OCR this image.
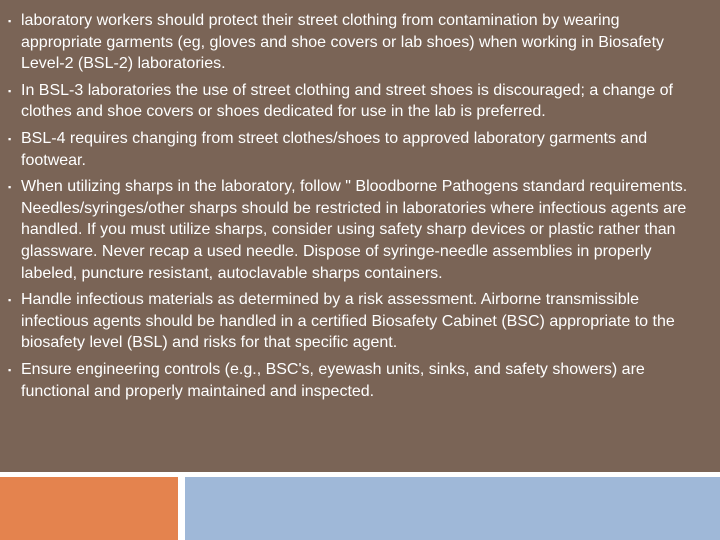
▪ laboratory workers should protect their street clothing from contamination by wearing appropriate garments (eg, gloves and shoe covers or lab shoes) when working in Biosafety Level-2 (BSL-2) laboratories.
▪ In BSL-3 laboratories the use of street clothing and street shoes is discouraged; a change of clothes and shoe covers or shoes dedicated for use in the lab is preferred.
▪ BSL-4 requires changing from street clothes/shoes to approved laboratory garments and footwear.
▪ When utilizing sharps in the laboratory, follow " Bloodborne Pathogens standard requirements. Needles/syringes/other sharps should be restricted in laboratories where infectious agents are handled. If you must utilize sharps, consider using safety sharp devices or plastic rather than glassware. Never recap a used needle. Dispose of syringe-needle assemblies in properly labeled, puncture resistant, autoclavable sharps containers.
▪ Handle infectious materials as determined by a risk assessment. Airborne transmissible infectious agents should be handled in a certified Biosafety Cabinet (BSC) appropriate to the biosafety level (BSL) and risks for that specific agent.
▪ Ensure engineering controls (e.g., BSC's, eyewash units, sinks, and safety showers) are functional and properly maintained and inspected.
